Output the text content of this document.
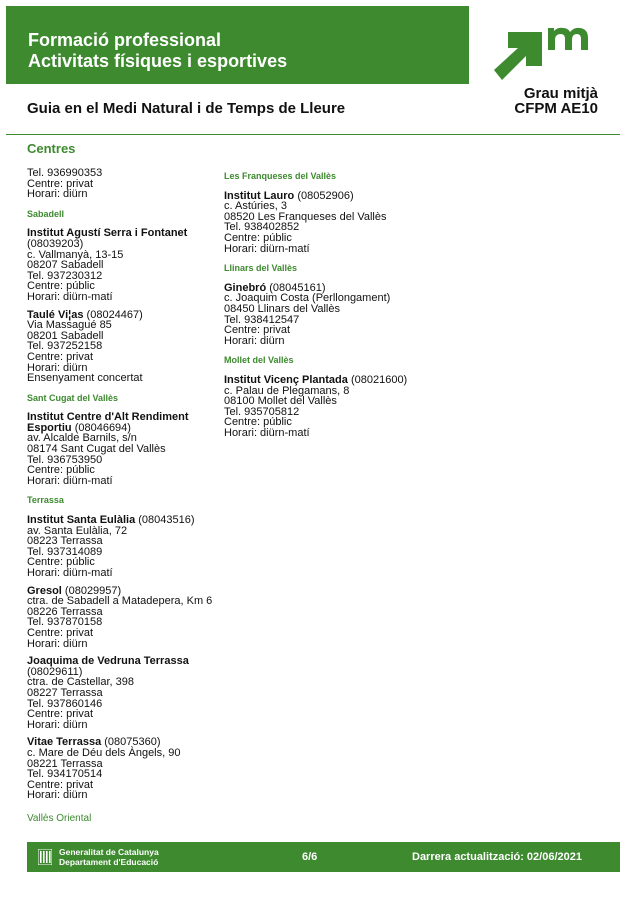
Formació professional
Activitats físiques i esportives
Guia en el Medi Natural i de Temps de Lleure
Grau mitjà
CFPM AE10
Centres

Tel. 936990353

Centre: privat

Horari: diürn

Sabadell

Institut Agustí Serra i Fontanet (08039203)

c. Vallmanyà, 13-15

08207 Sabadell

Tel. 937230312

Centre: públic

Horari: diürn-matí

Taulé Vi¦as (08024467)

Via Massagué 85

08201 Sabadell

Tel. 937252158

Centre: privat

Horari: diürn

Ensenyament concertat

Sant Cugat del Vallès

Institut Centre d'Alt Rendiment Esportiu (08046694)

av. Alcalde Barnils, s/n

08174 Sant Cugat del Vallès

Tel. 936753950

Centre: públic

Horari: diürn-matí

Terrassa

Institut Santa Eulàlia (08043516)

av. Santa Eulàlia, 72

08223 Terrassa

Tel. 937314089

Centre: públic

Horari: diürn-matí

Gresol (08029957)

ctra. de Sabadell a Matadepera, Km 6

08226 Terrassa

Tel. 937870158

Centre: privat

Horari: diürn

Joaquima de Vedruna Terrassa (08029611)

ctra. de Castellar, 398

08227 Terrassa

Tel. 937860146

Centre: privat

Horari: diürn

Vitae Terrassa (08075360)

c. Mare de Déu dels Àngels, 90

08221 Terrassa

Tel. 934170514

Centre: privat

Horari: diürn

Les Franqueses del Vallès

Institut Lauro (08052906)

c. Astúries, 3

08520 Les Franqueses del Vallès

Tel. 938402852

Centre: públic

Horari: diürn-matí

Llinars del Vallès

Ginebró (08045161)

c. Joaquim Costa (Perllongament)

08450 Llinars del Vallès

Tel. 938412547

Centre: privat

Horari: diürn

Mollet del Vallès

Institut Vicenç Plantada (08021600)

c. Palau de Plegamans, 8

08100 Mollet del Vallès

Tel. 935705812

Centre: públic

Horari: diürn-matí

Vallès Oriental
Generalitat de Catalunya
Departament d'Educació	6/6	Darrera actualització: 02/06/2021
